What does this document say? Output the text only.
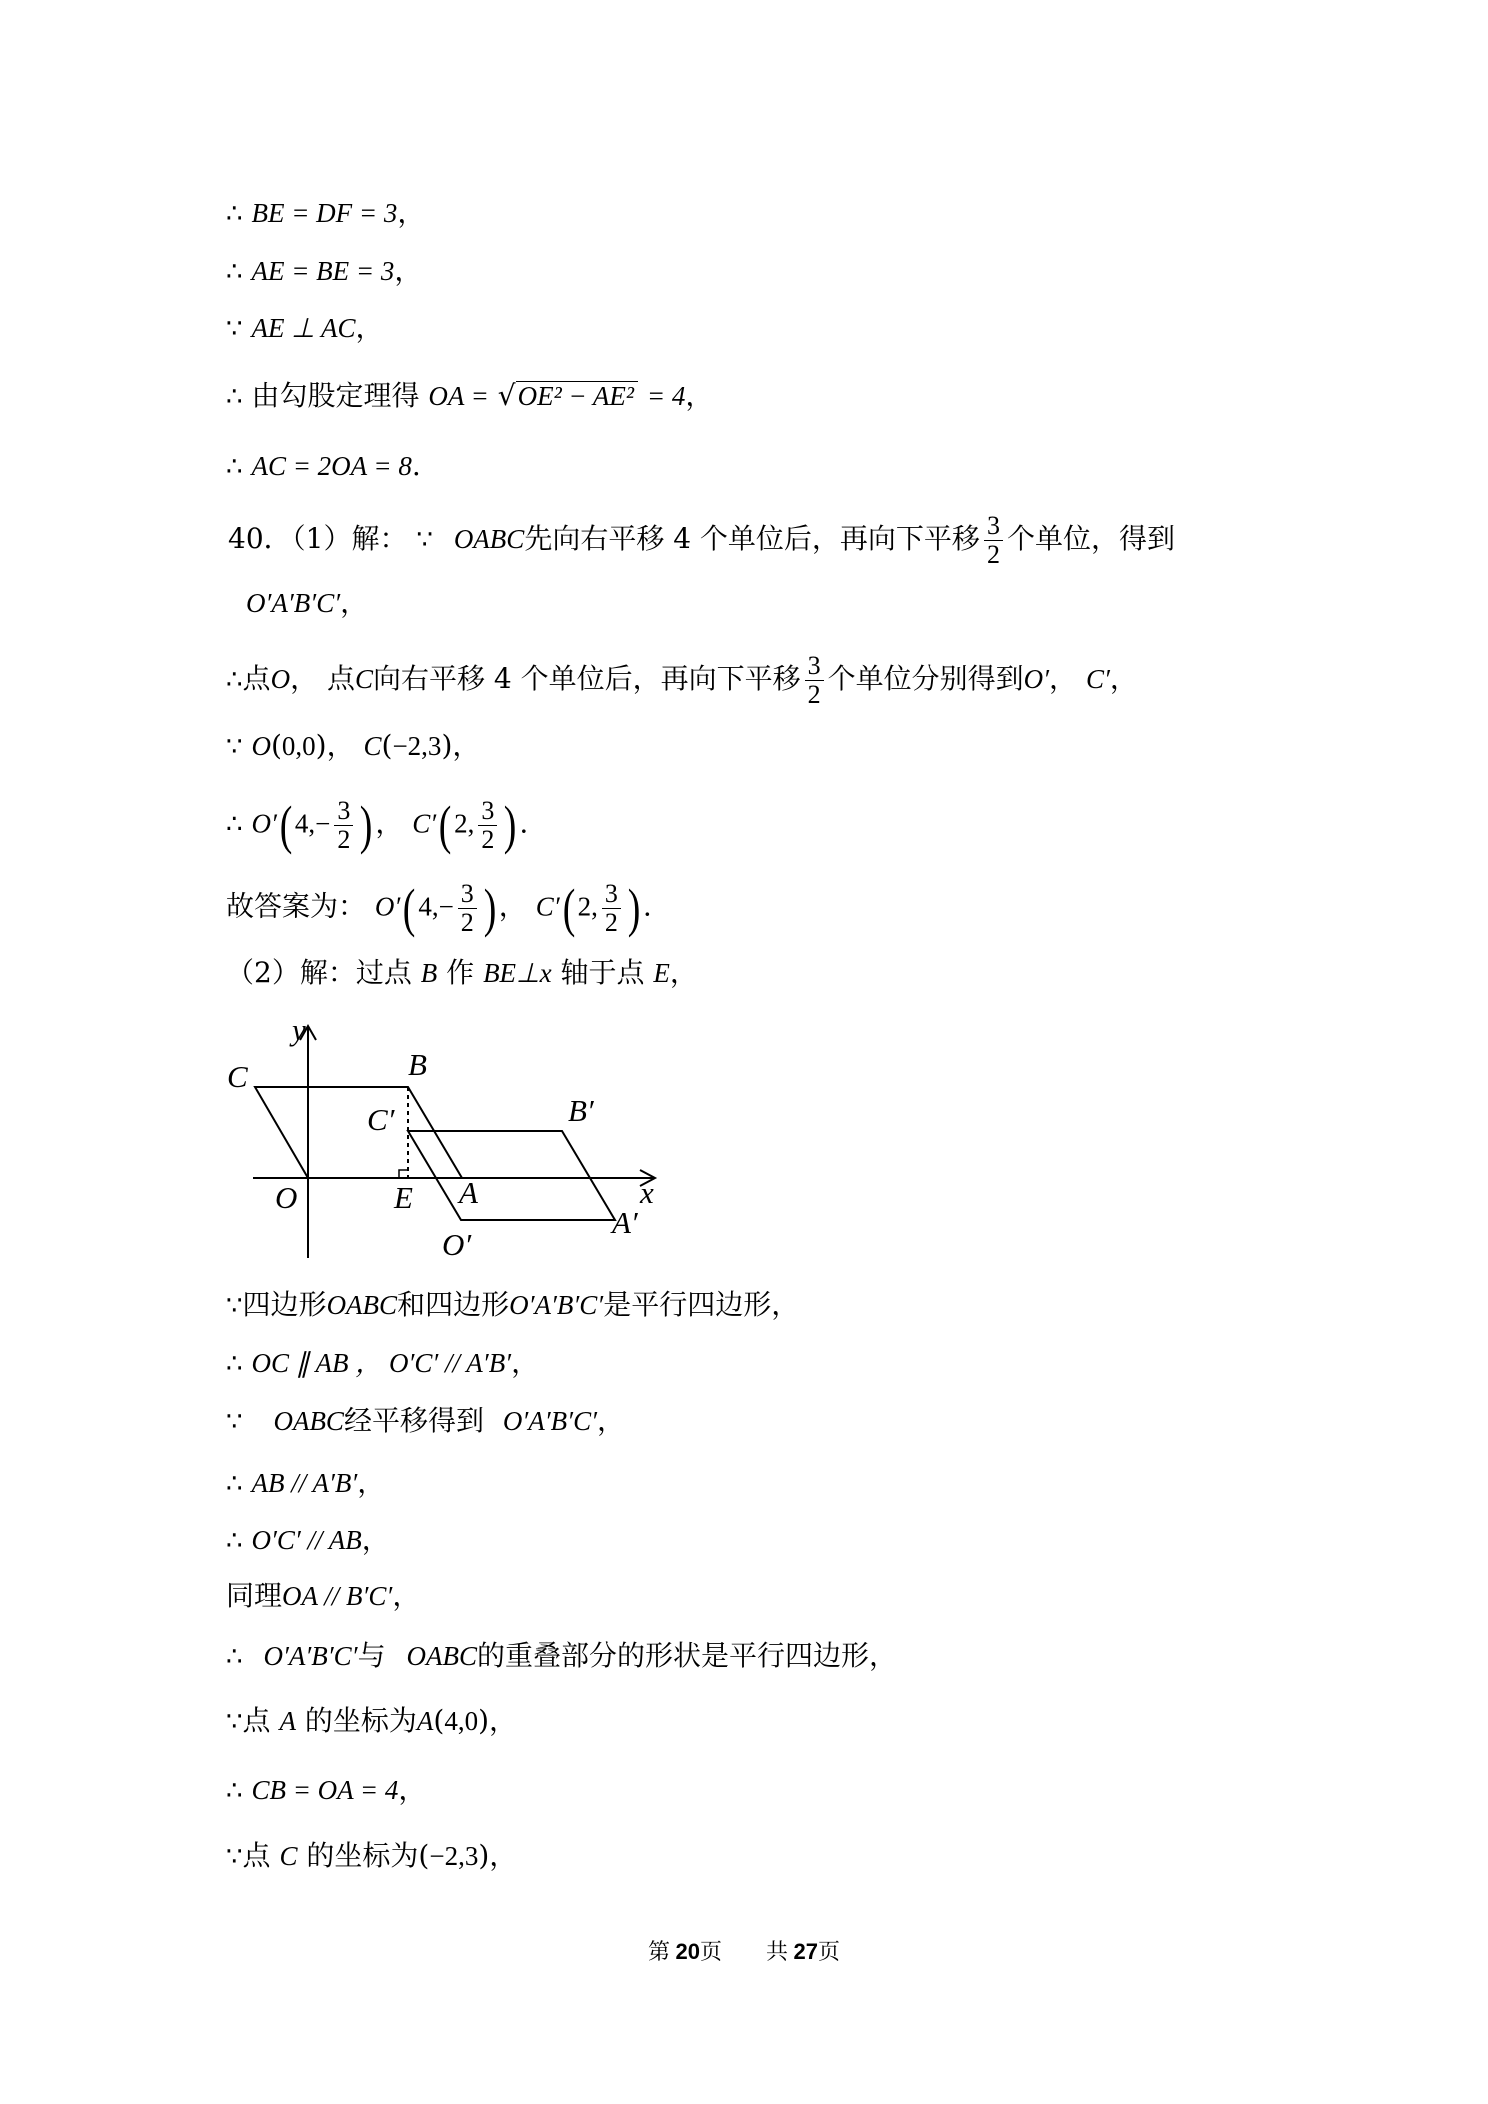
∴ BE = DF = 3，
∴ AE = BE = 3，
∵ AE ⊥ AC，
∴ 由勾股定理得 OA = √OE² − AE² = 4，
∴ AC = 2OA = 8.
40．（1）解： ∵ OABC先向右平移 4 个单位后，再向下平移 $\frac{3}{2}$ 个单位，得到
O′A′B′C′，
∴点O， 点C向右平移 4 个单位后，再向下平移 $\frac{3}{2}$ 个单位分别得到O′， C′，
∵ O(0,0)， C(−2,3)，
∴ $O'(4,- \frac{3}{2}$ )， C′(2, $\frac{3}{2}$ ).
故答案为： $O'(4,- \frac{3}{2}$ )， C′(2, $\frac{3}{2}$ ).
（2）解：过点 B 作 BE⊥x 轴于点 E，
y
x
C	B
C′	B′
O	E A
O′
A′
∵四边形OABC和四边形O′A′B′C′是平行四边形，
∴ OC ∥ AB ， O′C′ // A′B′，
∵ OABC经平移得到 O′A′B′C′，
∴ AB // A′B′，
∴ O′C′ // AB，
同理OA // B′C′，
∴ O′A′B′C′与 OABC的重叠部分的形状是平行四边形，
∵点 A 的坐标为A(4,0)，
∴ CB = OA = 4，
∵点 C 的坐标为(−2,3)，
第 20页　　共 27页
